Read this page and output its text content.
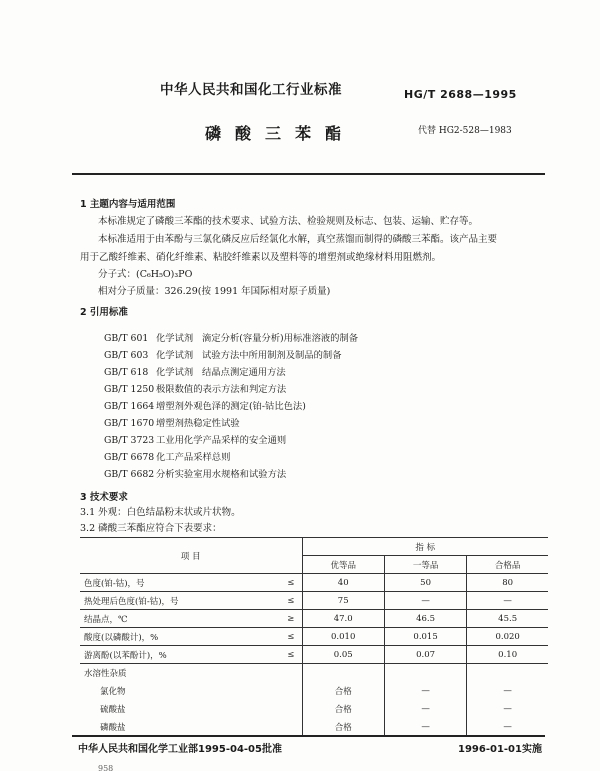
中华人民共和国化工行业标准	HG/T 2688—1995
磷酸三苯酯	代替 HG2-528—1983
1 主题内容与适用范围
本标准规定了磷酸三苯酯的技术要求、试验方法、检验规则及标志、包装、运输、贮存等。
本标准适用于由苯酚与三氯化磷反应后经氯化水解，真空蒸馏而制得的磷酸三苯酯。该产品主要
用于乙酸纤维素、硝化纤维素、粘胶纤维素以及塑料等的增塑剂或绝缘材料用阻燃剂。
分子式：(C₆H₅O)₃PO
相对分子质量：326.29(按 1991 年国际相对原子质量)
2 引用标准
GB/T 601 化学试剂   滴定分析(容量分析)用标准溶液的制备
GB/T 603 化学试剂   试验方法中所用制剂及制品的制备
GB/T 618 化学试剂   结晶点测定通用方法
GB/T 1250 极限数值的表示方法和判定方法
GB/T 1664 增塑剂外观色泽的测定(铂-钴比色法)
GB/T 1670 增塑剂热稳定性试验
GB/T 3723 工业用化学产品采样的安全通则
GB/T 6678 化工产品采样总则
GB/T 6682 分析实验室用水规格和试验方法
3 技术要求
3.1 外观：白色结晶粉末状或片状物。
3.2 磷酸三苯酯应符合下表要求：
项 目		指 标		
		优等品	一等品	合格品
色度(铂-钴)，号	≤	40	50	80
热处理后色度(铂-钴)，号	≤	75	—	—
结晶点，℃	≥	47.0	46.5	45.5
酸度(以磷酸计)，%	≤	0.010	0.015	0.020
游离酚(以苯酚计)，%	≤	0.05	0.07	0.10
水溶性杂质				
氯化物		合格	—	—
硫酸盐		合格	—	—
磷酸盐		合格	—	—
中华人民共和国化学工业部1995-04-05批准	1996-01-01实施
958
